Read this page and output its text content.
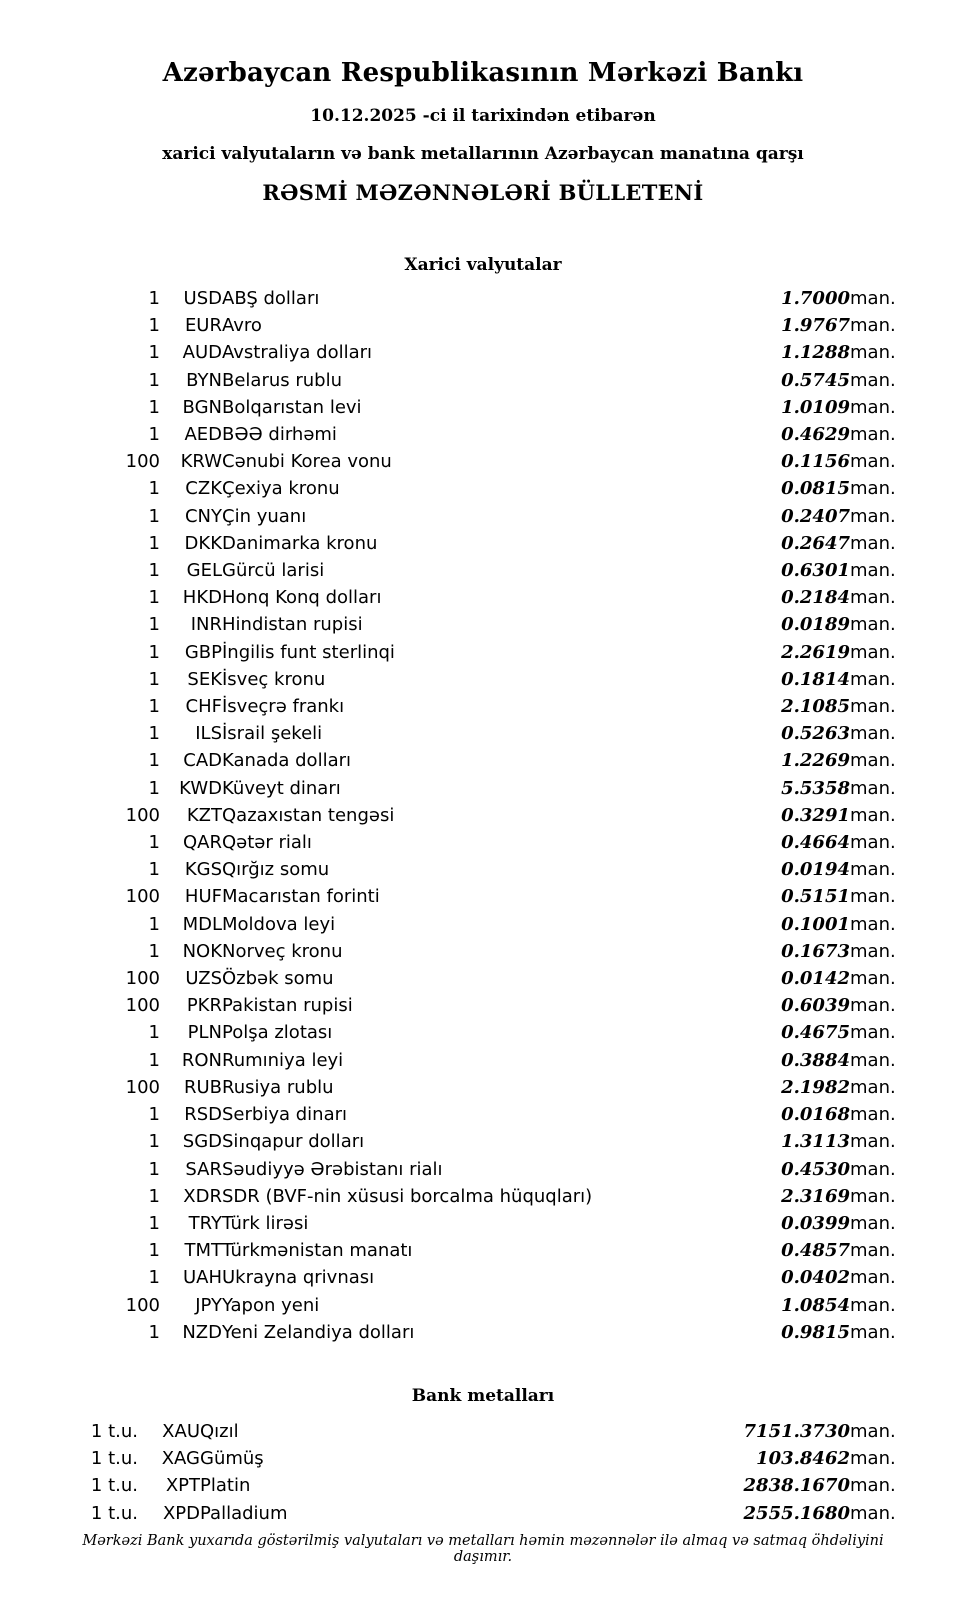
Azərbaycan Respublikasının Mərkəzi Bankı
10.12.2025 -ci il tarixindən etibarən
xarici valyutaların və bank metallarının Azərbaycan manatına qarşı
RƏSMİ MƏZƏNNƏLƏRİ BÜLLETENİ
Xarici valyutalar
1	USD	ABŞ dolları	1.7000	man.
1	EUR	Avro	1.9767	man.
1	AUD	Avstraliya dolları	1.1288	man.
1	BYN	Belarus rublu	0.5745	man.
1	BGN	Bolqarıstan levi	1.0109	man.
1	AED	BƏƏ dirhəmi	0.4629	man.
100	KRW	Cənubi Korea vonu	0.1156	man.
1	CZK	Çexiya kronu	0.0815	man.
1	CNY	Çin yuanı	0.2407	man.
1	DKK	Danimarka kronu	0.2647	man.
1	GEL	Gürcü larisi	0.6301	man.
1	HKD	Honq Konq dolları	0.2184	man.
1	INR	Hindistan rupisi	0.0189	man.
1	GBP	İngilis funt sterlinqi	2.2619	man.
1	SEK	İsveç kronu	0.1814	man.
1	CHF	İsveçrə frankı	2.1085	man.
1	ILS	İsrail şekeli	0.5263	man.
1	CAD	Kanada dolları	1.2269	man.
1	KWD	Küveyt dinarı	5.5358	man.
100	KZT	Qazaxıstan tengəsi	0.3291	man.
1	QAR	Qətər rialı	0.4664	man.
1	KGS	Qırğız somu	0.0194	man.
100	HUF	Macarıstan forinti	0.5151	man.
1	MDL	Moldova leyi	0.1001	man.
1	NOK	Norveç kronu	0.1673	man.
100	UZS	Özbək somu	0.0142	man.
100	PKR	Pakistan rupisi	0.6039	man.
1	PLN	Polşa zlotası	0.4675	man.
1	RON	Rumıniya leyi	0.3884	man.
100	RUB	Rusiya rublu	2.1982	man.
1	RSD	Serbiya dinarı	0.0168	man.
1	SGD	Sinqapur dolları	1.3113	man.
1	SAR	Səudiyyə Ərəbistanı rialı	0.4530	man.
1	XDR	SDR (BVF-nin xüsusi borcalma hüquqları)	2.3169	man.
1	TRY	Türk lirəsi	0.0399	man.
1	TMT	Türkmənistan manatı	0.4857	man.
1	UAH	Ukrayna qrivnası	0.0402	man.
100	JPY	Yapon yeni	1.0854	man.
1	NZD	Yeni Zelandiya dolları	0.9815	man.
Bank metalları
1 t.u.	XAU	Qızıl	7151.3730	man.
1 t.u.	XAG	Gümüş	103.8462	man.
1 t.u.	XPT	Platin	2838.1670	man.
1 t.u.	XPD	Palladium	2555.1680	man.
Mərkəzi Bank yuxarıda göstərilmiş valyutaları və metalları həmin məzənnələr ilə almaq və satmaq öhdəliyini daşımır.
